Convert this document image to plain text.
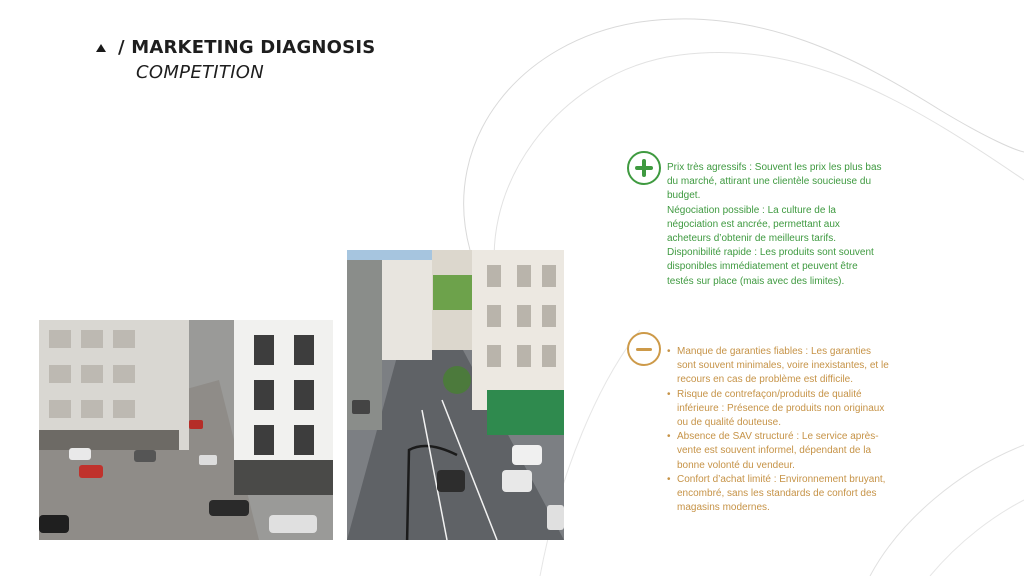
/ MARKETING DIAGNOSIS
COMPETITION

Prix très agressifs : Souvent les prix les plus bas du marché, attirant une clientèle soucieuse du budget.

Négociation possible : La culture de la négociation est ancrée, permettant aux acheteurs d’obtenir de meilleurs tarifs.

Disponibilité rapide : Les produits sont souvent disponibles immédiatement et peuvent être testés sur place (mais avec des limites).

• Manque de garanties fiables : Les garanties sont souvent minimales, voire inexistantes, et le recours en cas de problème est difficile.
• Risque de contrefaçon/produits de qualité inférieure : Présence de produits non originaux ou de qualité douteuse.
• Absence de SAV structuré : Le service après-vente est souvent informel, dépendant de la bonne volonté du vendeur.
• Confort d’achat limité : Environnement bruyant, encombré, sans les standards de confort des magasins modernes.
